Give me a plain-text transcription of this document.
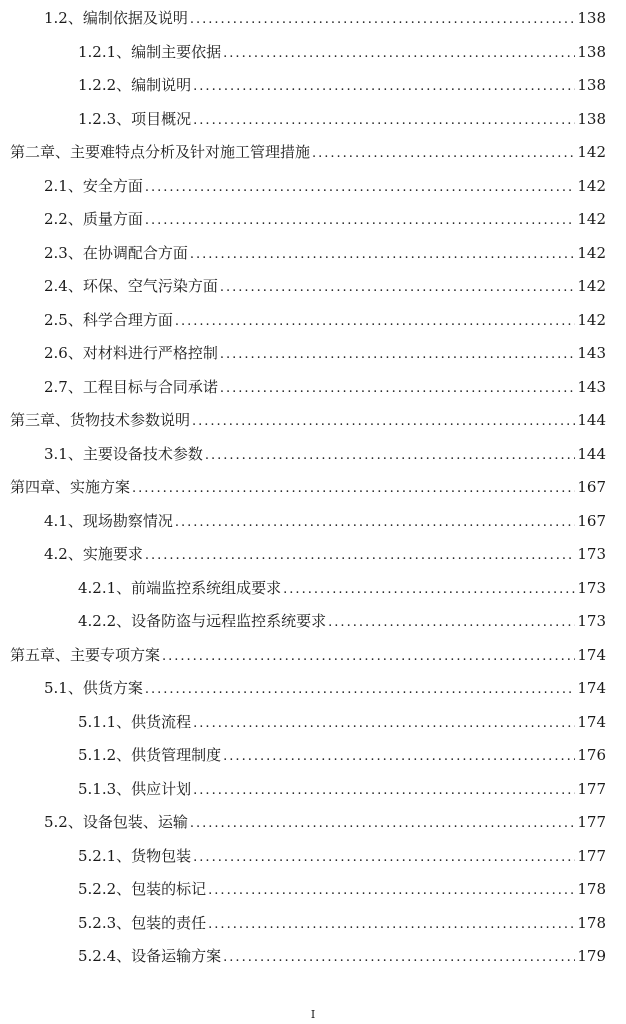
1.2、编制依据及说明 .....	138
1.2.1、编制主要依据 .....	138
1.2.2、编制说明 .....	138
1.2.3、项目概况 .....	138
第二章、主要难特点分析及针对施工管理措施 .....	142
2.1、安全方面 .....	142
2.2、质量方面 .....	142
2.3、在协调配合方面 .....	142
2.4、环保、空气污染方面 .....	142
2.5、科学合理方面 .....	142
2.6、对材料进行严格控制 .....	143
2.7、工程目标与合同承诺 .....	143
第三章、货物技术参数说明 .....	144
3.1、主要设备技术参数 .....	144
第四章、实施方案 .....	167
4.1、现场勘察情况 .....	167
4.2、实施要求 .....	173
4.2.1、前端监控系统组成要求 .....	173
4.2.2、设备防盗与远程监控系统要求 .....	173
第五章、主要专项方案 .....	174
5.1、供货方案 .....	174
5.1.1、供货流程 .....	174
5.1.2、供货管理制度 .....	176
5.1.3、供应计划 .....	177
5.2、设备包装、运输 .....	177
5.2.1、货物包装 .....	177
5.2.2、包装的标记 .....	178
5.2.3、包装的责任 .....	178
5.2.4、设备运输方案 .....	179
I
